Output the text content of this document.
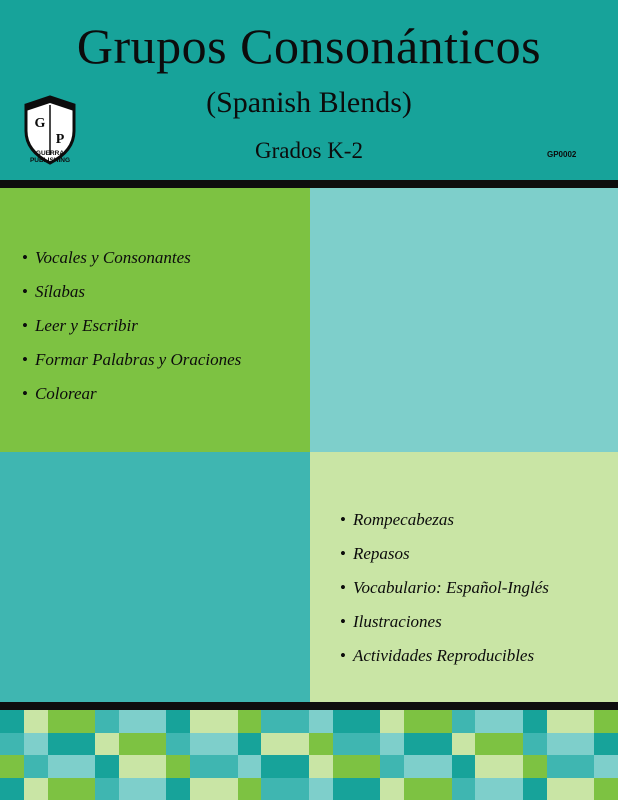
Grupos Consonánticos
(Spanish Blends)
Grados K-2	GP0002
G
P
GUERRA
PUBLISHING
• Vocales y Consonantes
• Sílabas
• Leer y Escribir
• Formar Palabras y Oraciones
• Colorear
• Rompecabezas
• Repasos
• Vocabulario: Español-Inglés
• Ilustraciones
• Actividades Reproducibles
